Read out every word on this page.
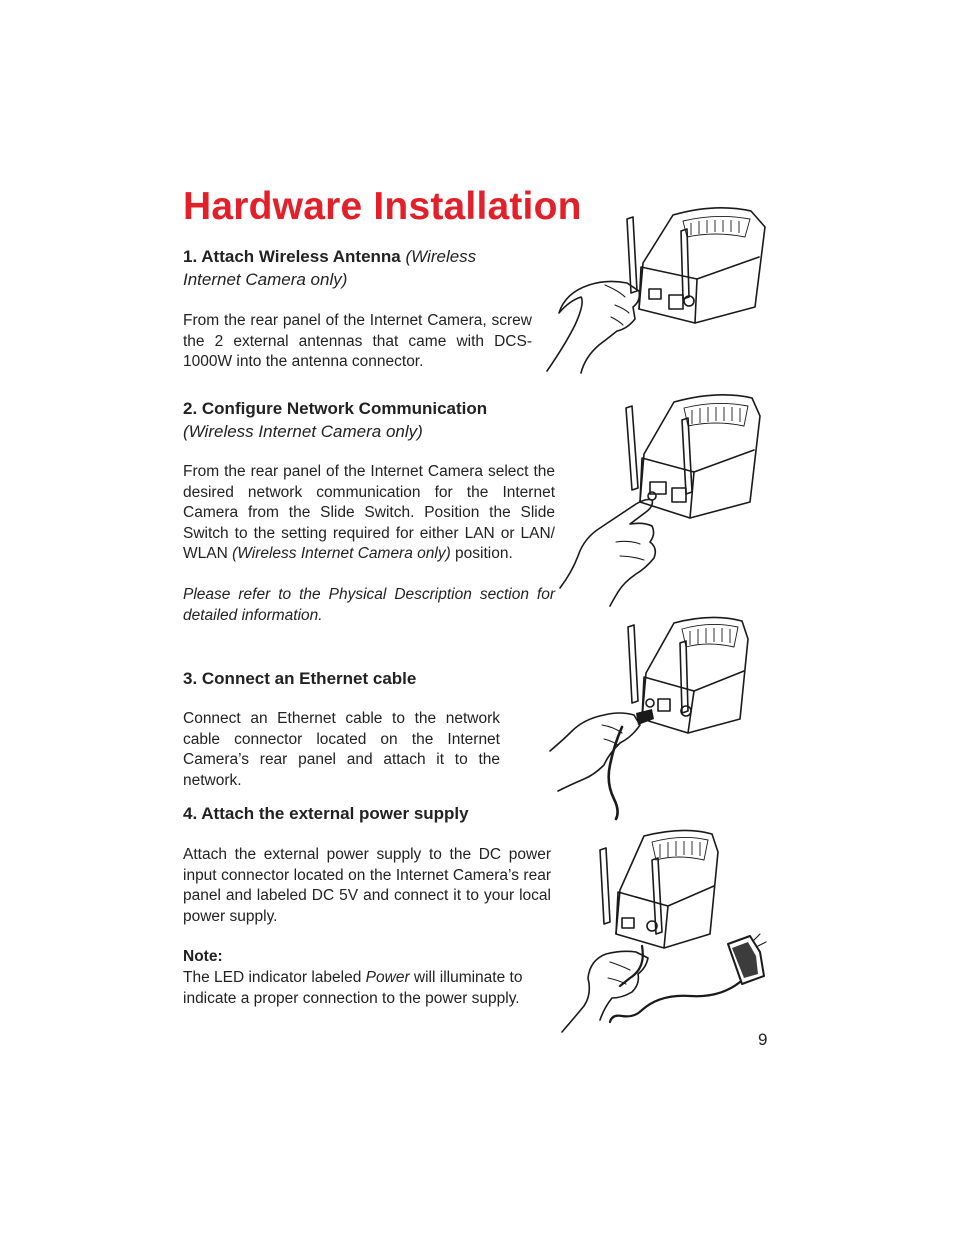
Hardware Installation

1. Attach Wireless Antenna (Wireless Internet Camera only)

From the rear panel of the Internet Camera, screw the 2 external antennas that came with DCS-1000W into the antenna connector.

2. Configure Network Communication

(Wireless Internet Camera only)

From the rear panel of the Internet Camera select the desired network communication for the Internet Camera from the Slide Switch. Position the Slide Switch to the setting required for either LAN or LAN/ WLAN (Wireless Internet Camera only) position.

Please refer to the Physical Description section for detailed information.

3. Connect an Ethernet cable

Connect an Ethernet cable to the network cable connector located on the Internet Camera’s rear panel and attach it to the network.

4. Attach the external power supply

Attach the external power supply to the DC power input connector located on the Internet Camera’s rear panel and labeled DC 5V and connect it to your local power supply.

Note:

The LED indicator labeled Power will illuminate to indicate a proper connection to the power supply.

9
